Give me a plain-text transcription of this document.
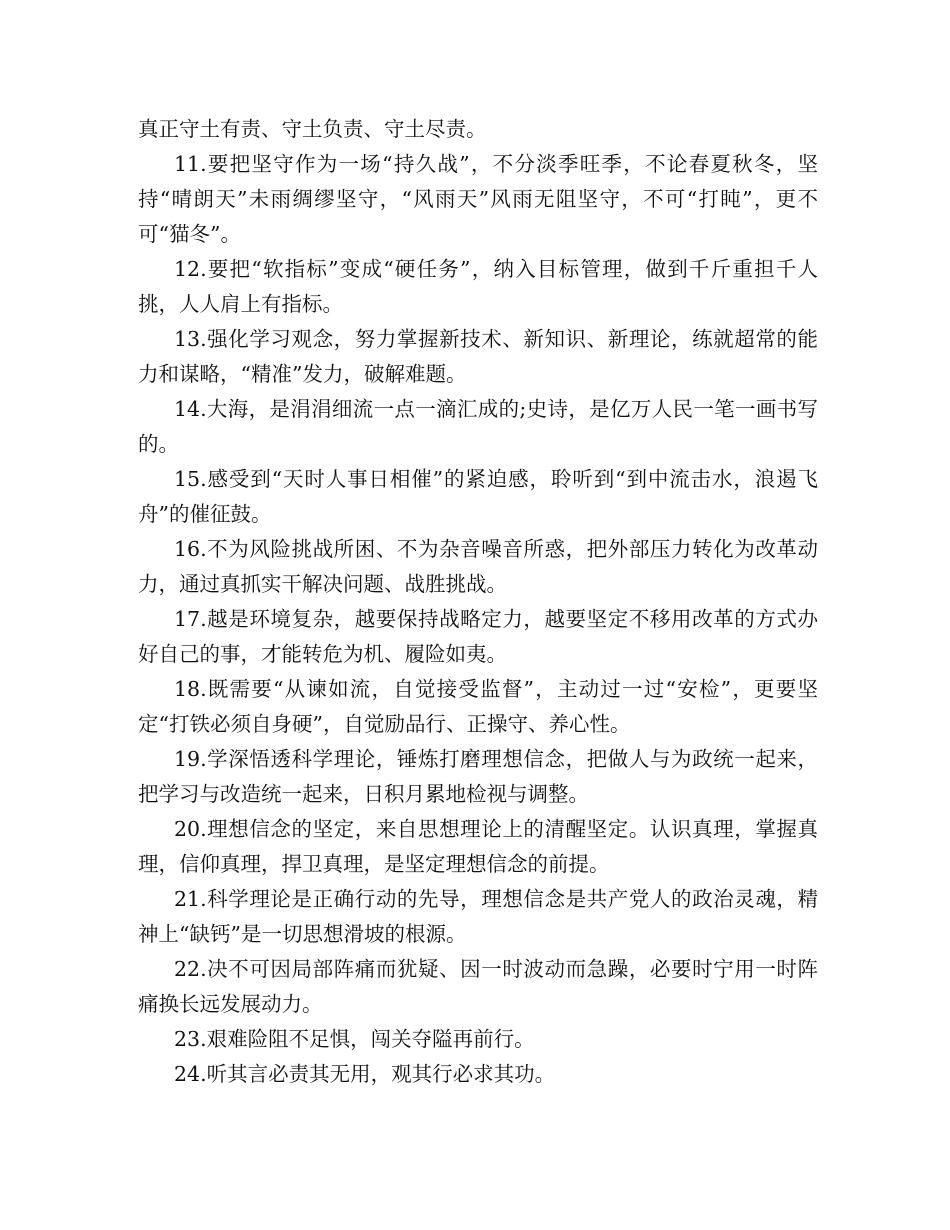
真正守土有责、守土负责、守土尽责。

11.要把坚守作为一场“持久战”，不分淡季旺季，不论春夏秋冬，坚持“晴朗天”未雨绸缪坚守，“风雨天”风雨无阻坚守，不可“打盹”，更不可“猫冬”。

12.要把“软指标”变成“硬任务”，纳入目标管理，做到千斤重担千人挑，人人肩上有指标。

13.强化学习观念，努力掌握新技术、新知识、新理论，练就超常的能力和谋略，“精准”发力，破解难题。

14.大海，是涓涓细流一点一滴汇成的;史诗，是亿万人民一笔一画书写的。

15.感受到“天时人事日相催”的紧迫感，聆听到“到中流击水，浪遏飞舟”的催征鼓。

16.不为风险挑战所困、不为杂音噪音所惑，把外部压力转化为改革动力，通过真抓实干解决问题、战胜挑战。

17.越是环境复杂，越要保持战略定力，越要坚定不移用改革的方式办好自己的事，才能转危为机、履险如夷。

18.既需要“从谏如流，自觉接受监督”，主动过一过“安检”，更要坚定“打铁必须自身硬”，自觉励品行、正操守、养心性。

19.学深悟透科学理论，锤炼打磨理想信念，把做人与为政统一起来，把学习与改造统一起来，日积月累地检视与调整。

20.理想信念的坚定，来自思想理论上的清醒坚定。认识真理，掌握真理，信仰真理，捍卫真理，是坚定理想信念的前提。

21.科学理论是正确行动的先导，理想信念是共产党人的政治灵魂，精神上“缺钙”是一切思想滑坡的根源。

22.决不可因局部阵痛而犹疑、因一时波动而急躁，必要时宁用一时阵痛换长远发展动力。

23.艰难险阻不足惧，闯关夺隘再前行。

24.听其言必责其无用，观其行必求其功。
